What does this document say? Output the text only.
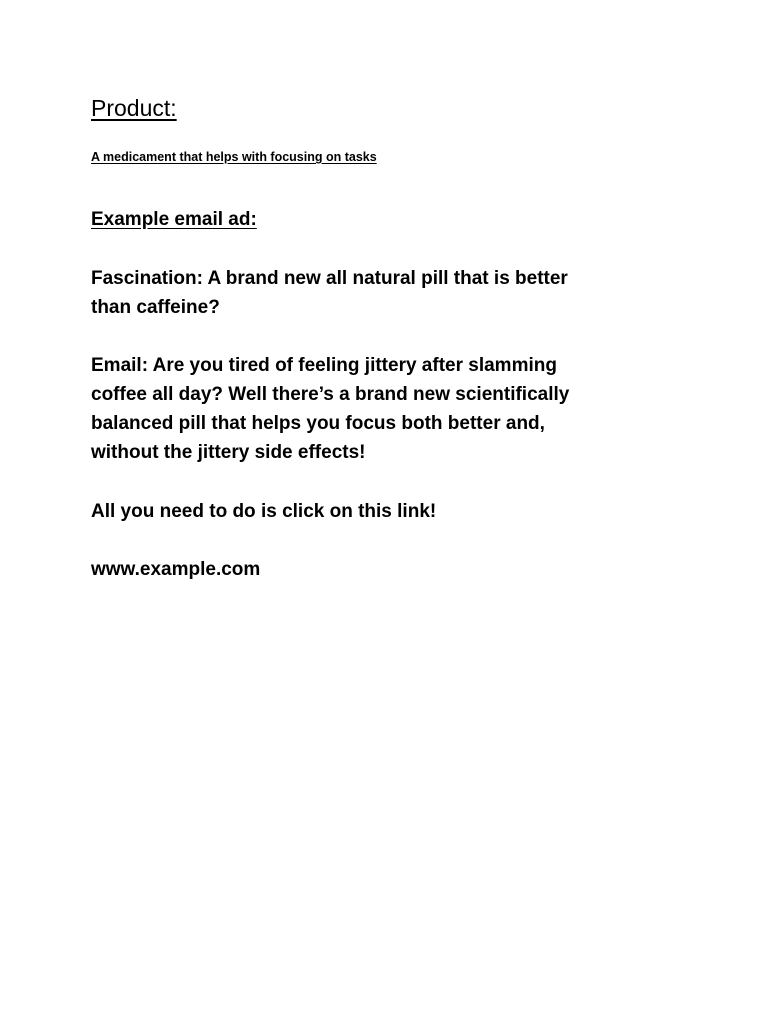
Product:

A medicament that helps with focusing on tasks

Example email ad:

Fascination: A brand new all natural pill that is better
than caffeine?

Email: Are you tired of feeling jittery after slamming
coffee all day? Well there’s a brand new scientifically
balanced pill that helps you focus both better and,
without the jittery side effects!

All you need to do is click on this link!

www.example.com
